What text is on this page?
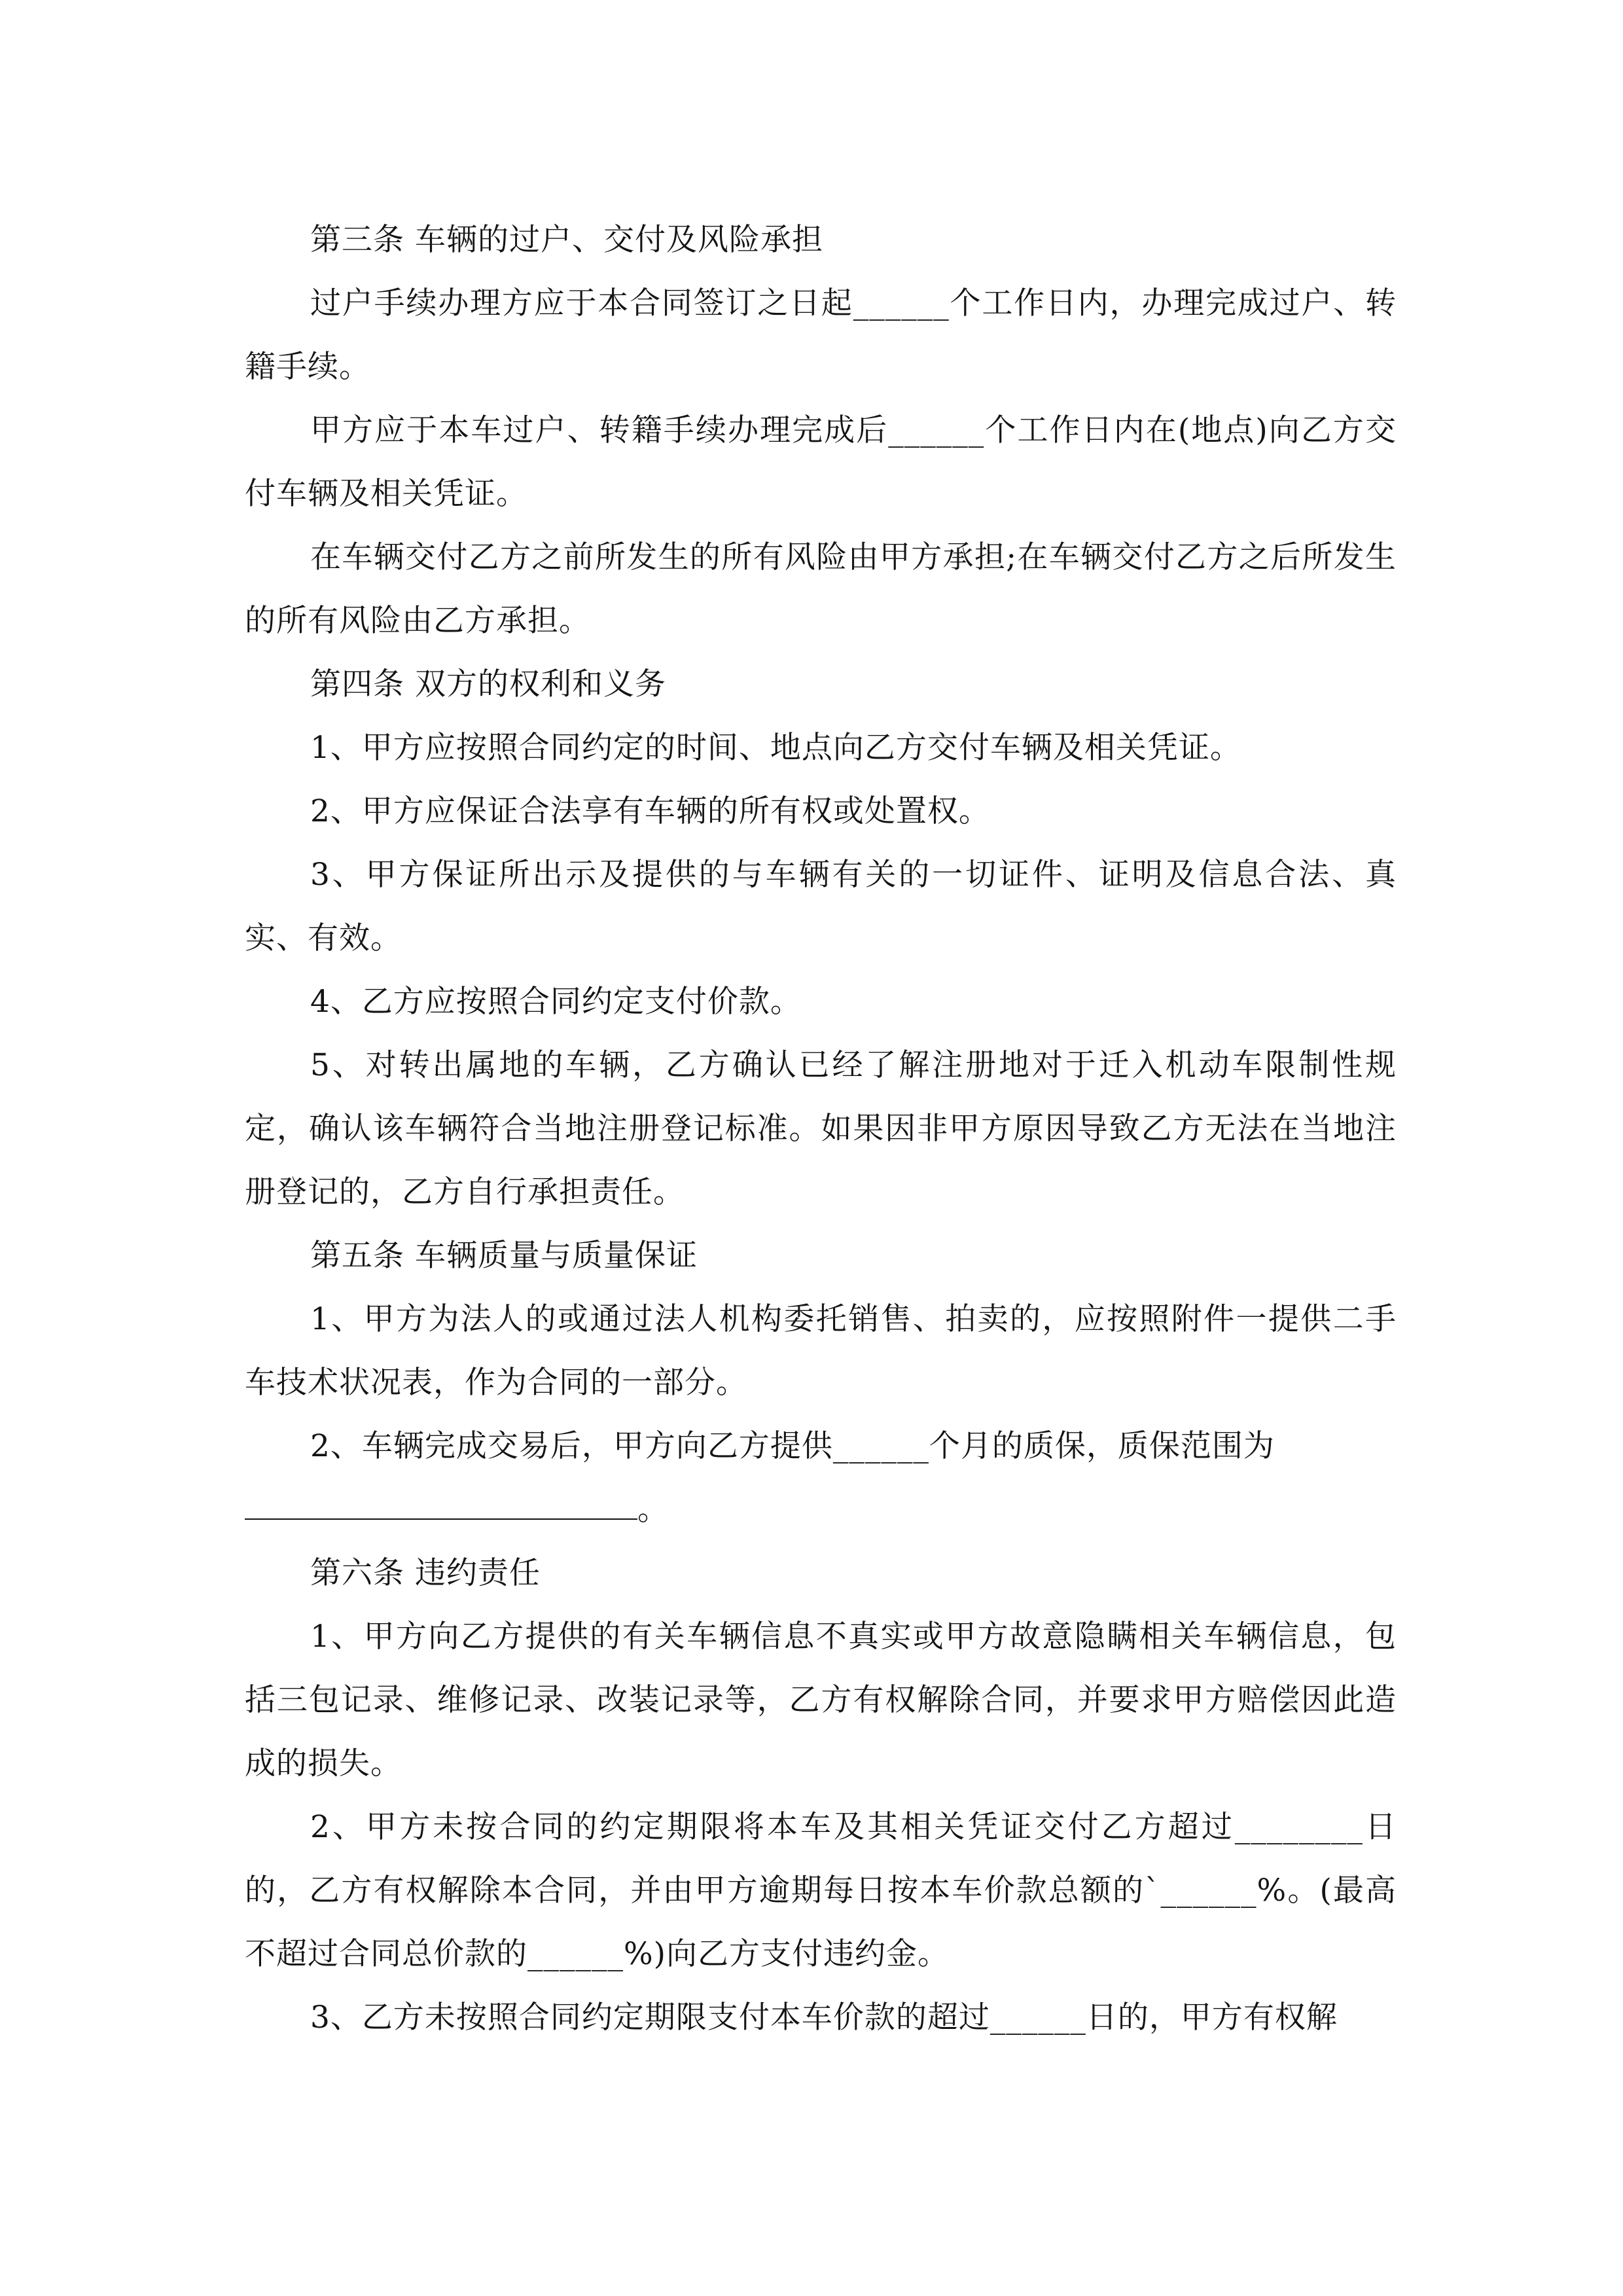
第三条 车辆的过户、交付及风险承担

过户手续办理方应于本合同签订之日起______个工作日内，办理完成过户、转籍手续。

甲方应于本车过户、转籍手续办理完成后______个工作日内在(地点)向乙方交付车辆及相关凭证。

在车辆交付乙方之前所发生的所有风险由甲方承担;在车辆交付乙方之后所发生的所有风险由乙方承担。

第四条 双方的权利和义务

1、甲方应按照合同约定的时间、地点向乙方交付车辆及相关凭证。

2、甲方应保证合法享有车辆的所有权或处置权。

3、甲方保证所出示及提供的与车辆有关的一切证件、证明及信息合法、真实、有效。

4、乙方应按照合同约定支付价款。

5、对转出属地的车辆，乙方确认已经了解注册地对于迁入机动车限制性规定，确认该车辆符合当地注册登记标准。如果因非甲方原因导致乙方无法在当地注册登记的，乙方自行承担责任。

第五条 车辆质量与质量保证

1、甲方为法人的或通过法人机构委托销售、拍卖的，应按照附件一提供二手车技术状况表，作为合同的一部分。

2、车辆完成交易后，甲方向乙方提供______个月的质保，质保范围为

。

第六条 违约责任

1、甲方向乙方提供的有关车辆信息不真实或甲方故意隐瞒相关车辆信息，包括三包记录、维修记录、改装记录等，乙方有权解除合同，并要求甲方赔偿因此造成的损失。

2、甲方未按合同的约定期限将本车及其相关凭证交付乙方超过________日的，乙方有权解除本合同，并由甲方逾期每日按本车价款总额的`______%。(最高不超过合同总价款的______%)向乙方支付违约金。

3、乙方未按照合同约定期限支付本车价款的超过______日的，甲方有权解
